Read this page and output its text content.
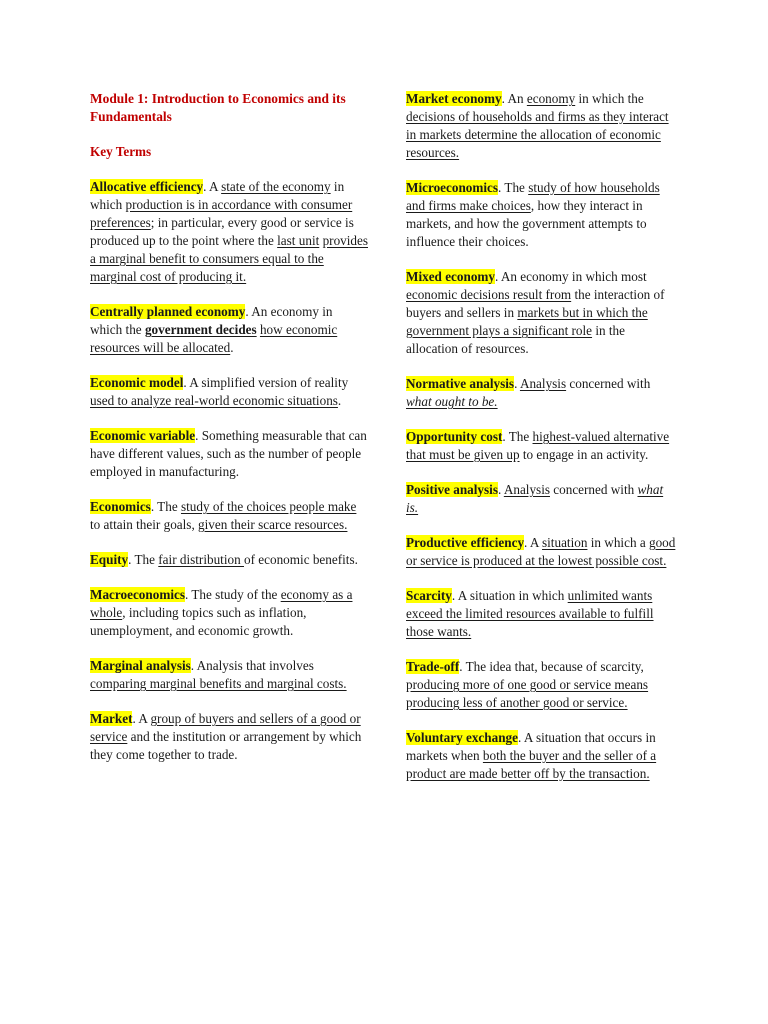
Module 1: Introduction to Economics and its Fundamentals
Key Terms
Allocative efficiency. A state of the economy in which production is in accordance with consumer preferences; in particular, every good or service is produced up to the point where the last unit provides a marginal benefit to consumers equal to the marginal cost of producing it.
Centrally planned economy. An economy in which the government decides how economic resources will be allocated.
Economic model. A simplified version of reality used to analyze real-world economic situations.
Economic variable. Something measurable that can have different values, such as the number of people employed in manufacturing.
Economics. The study of the choices people make to attain their goals, given their scarce resources.
Equity. The fair distribution of economic benefits.
Macroeconomics. The study of the economy as a whole, including topics such as inflation, unemployment, and economic growth.
Marginal analysis. Analysis that involves comparing marginal benefits and marginal costs.
Market. A group of buyers and sellers of a good or service and the institution or arrangement by which they come together to trade.
Market economy. An economy in which the decisions of households and firms as they interact in markets determine the allocation of economic resources.
Microeconomics. The study of how households and firms make choices, how they interact in markets, and how the government attempts to influence their choices.
Mixed economy. An economy in which most economic decisions result from the interaction of buyers and sellers in markets but in which the government plays a significant role in the allocation of resources.
Normative analysis. Analysis concerned with what ought to be.
Opportunity cost. The highest-valued alternative that must be given up to engage in an activity.
Positive analysis. Analysis concerned with what is.
Productive efficiency. A situation in which a good or service is produced at the lowest possible cost.
Scarcity. A situation in which unlimited wants exceed the limited resources available to fulfill those wants.
Trade-off. The idea that, because of scarcity, producing more of one good or service means producing less of another good or service.
Voluntary exchange. A situation that occurs in markets when both the buyer and the seller of a product are made better off by the transaction.
